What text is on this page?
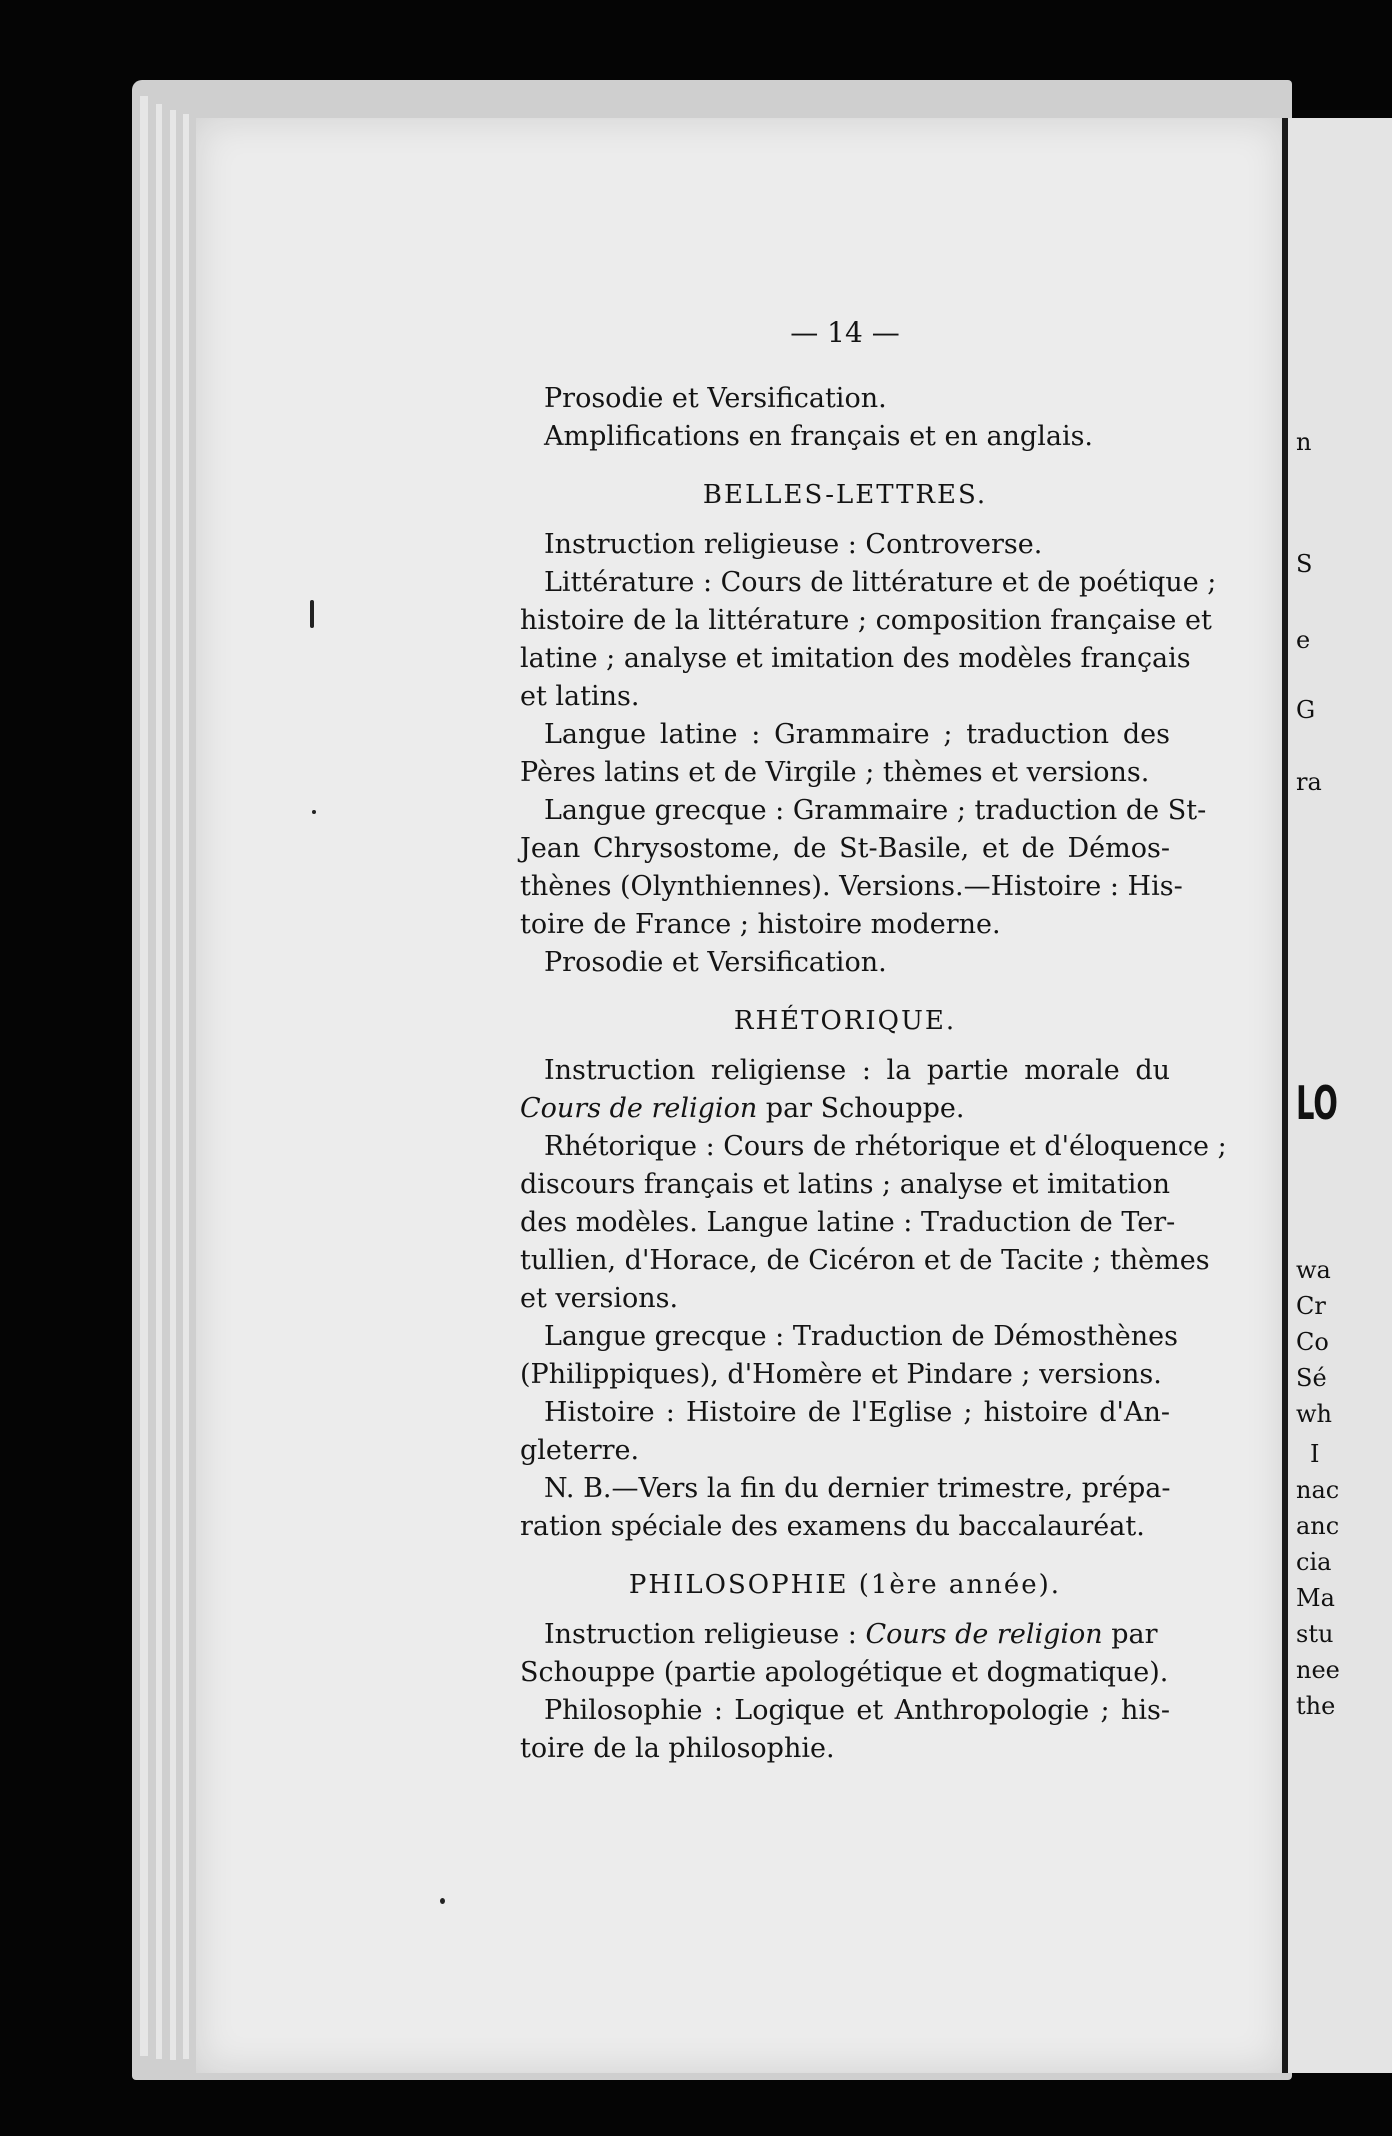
n
S
e
G
ra
LO
wa
Cr
Co
Sé
wh
I
nac
anc
cia
Ma
stu
nee
the
— 14 —
Prosodie et Versification.
Amplifications en français et en anglais.
BELLES-LETTRES.
Instruction religieuse : Controverse.
Littérature : Cours de littérature et de poétique ;
histoire de la littérature ; composition française et
latine ; analyse et imitation des modèles français
et latins.
Langue latine : Grammaire ; traduction des
Pères latins et de Virgile ; thèmes et versions.
Langue grecque : Grammaire ; traduction de St-
Jean Chrysostome, de St-Basile, et de Démos-
thènes (Olynthiennes). Versions.—Histoire : His-
toire de France ; histoire moderne.
Prosodie et Versification.
RHÉTORIQUE.
Instruction religiense : la partie morale du
Cours de religion par Schouppe.
Rhétorique : Cours de rhétorique et d'éloquence ;
discours français et latins ; analyse et imitation
des modèles. Langue latine : Traduction de Ter-
tullien, d'Horace, de Cicéron et de Tacite ; thèmes
et versions.
Langue grecque : Traduction de Démosthènes
(Philippiques), d'Homère et Pindare ; versions.
Histoire : Histoire de l'Eglise ; histoire d'An-
gleterre.
N. B.—Vers la fin du dernier trimestre, prépa-
ration spéciale des examens du baccalauréat.
PHILOSOPHIE (1ère année).
Instruction religieuse : Cours de religion par
Schouppe (partie apologétique et dogmatique).
Philosophie : Logique et Anthropologie ; his-
toire de la philosophie.
